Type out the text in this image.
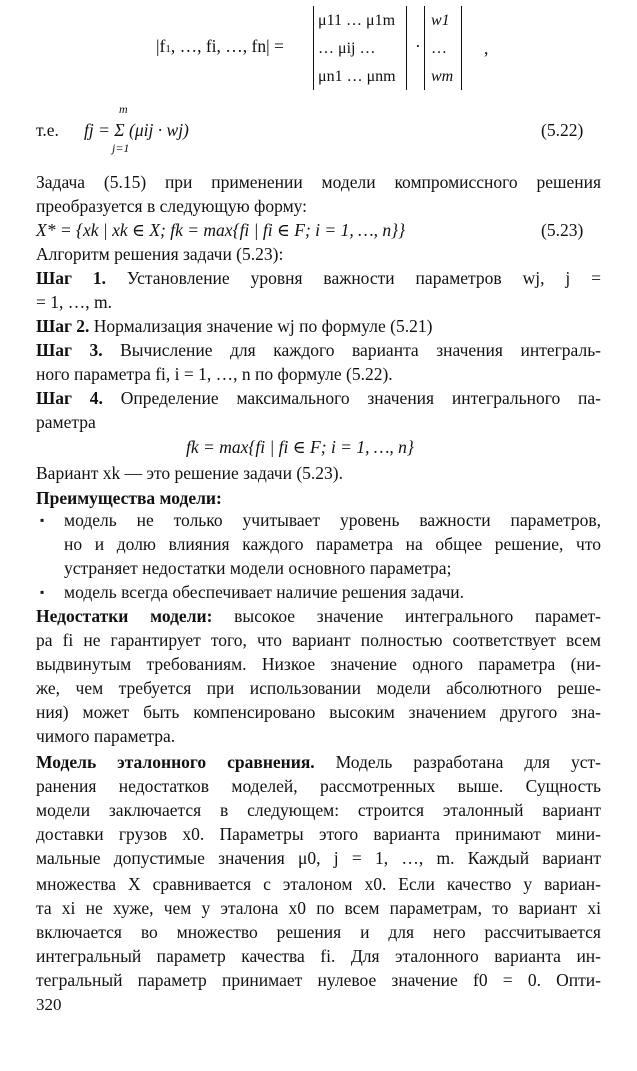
|f1, …, fi, …, fn| =
μ11 … μ1m
… μij …
μn1 … μnm
·
w1
…
wm
,
т.е.
m
fj = Σ (μij · wj)
j=1
(5.22)
Задача (5.15) при применении модели компромиссного решения
преобразуется в следующую форму:
X* = {xk | xk ∈ X; fk = max{fi | fi ∈ F; i = 1, …, n}}	(5.23)
Алгоритм решения задачи (5.23):
Шаг 1. Установление уровня важности параметров wj, j =
= 1, …, m.
Шаг 2. Нормализация значение wj по формуле (5.21)
Шаг 3. Вычисление для каждого варианта значения интеграль-
ного параметра fi, i = 1, …, n по формуле (5.22).
Шаг 4. Определение максимального значения интегрального па-
раметра
fk = max{fi | fi ∈ F; i = 1, …, n}
Вариант xk — это решение задачи (5.23).
Преимущества модели:
▪ модель не только учитывает уровень важности параметров,
но и долю влияния каждого параметра на общее решение, что
устраняет недостатки модели основного параметра;
▪ модель всегда обеспечивает наличие решения задачи.
Недостатки модели: высокое значение интегрального парамет-
ра fi не гарантирует того, что вариант полностью соответствует всем
выдвинутым требованиям. Низкое значение одного параметра (ни-
же, чем требуется при использовании модели абсолютного реше-
ния) может быть компенсировано высоким значением другого зна-
чимого параметра.
Модель эталонного сравнения. Модель разработана для уст-
ранения недостатков моделей, рассмотренных выше. Сущность
модели заключается в следующем: строится эталонный вариант
доставки грузов x0. Параметры этого варианта принимают мини-
мальные допустимые значения μ0, j = 1, …, m. Каждый вариант
множества X сравнивается с эталоном x0. Если качество у вариан-
та xi не хуже, чем у эталона x0 по всем параметрам, то вариант xi
включается во множество решения и для него рассчитывается
интегральный параметр качества fi. Для эталонного варианта ин-
тегральный параметр принимает нулевое значение f0 = 0. Опти-
320
